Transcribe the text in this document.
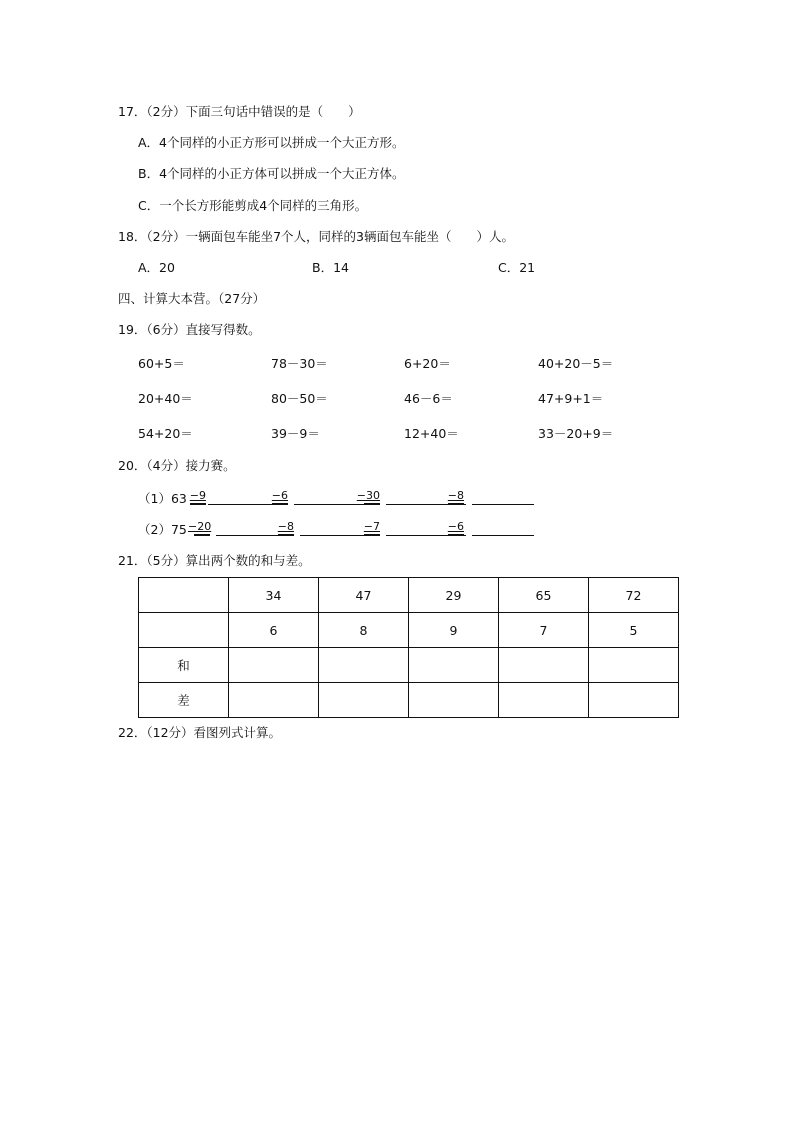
17．（2分）下面三句话中错误的是（　　）
A．4个同样的小正方形可以拼成一个大正方形。
B．4个同样的小正方体可以拼成一个大正方体。
C．一个长方形能剪成4个同样的三角形。
18．（2分）一辆面包车能坐7个人，同样的3辆面包车能坐（　　）人。
A．20	B．14	C．21
四、计算大本营。（27分）
19．（6分）直接写得数。
60+5＝	78－30＝	6+20＝	40+20－5＝
20+40＝	80－50＝	46－6＝	47+9+1＝
54+20＝	39－9＝	12+40＝	33－20+9＝
20．（4分）接力赛。
（1）63 −9	−6	−30	−8
（2）75 −20	−8	−7	−6
21．（5分）算出两个数的和与差。
	34	47	29	65	72
	6	8	9	7	5
和					
差					
22．（12分）看图列式计算。
